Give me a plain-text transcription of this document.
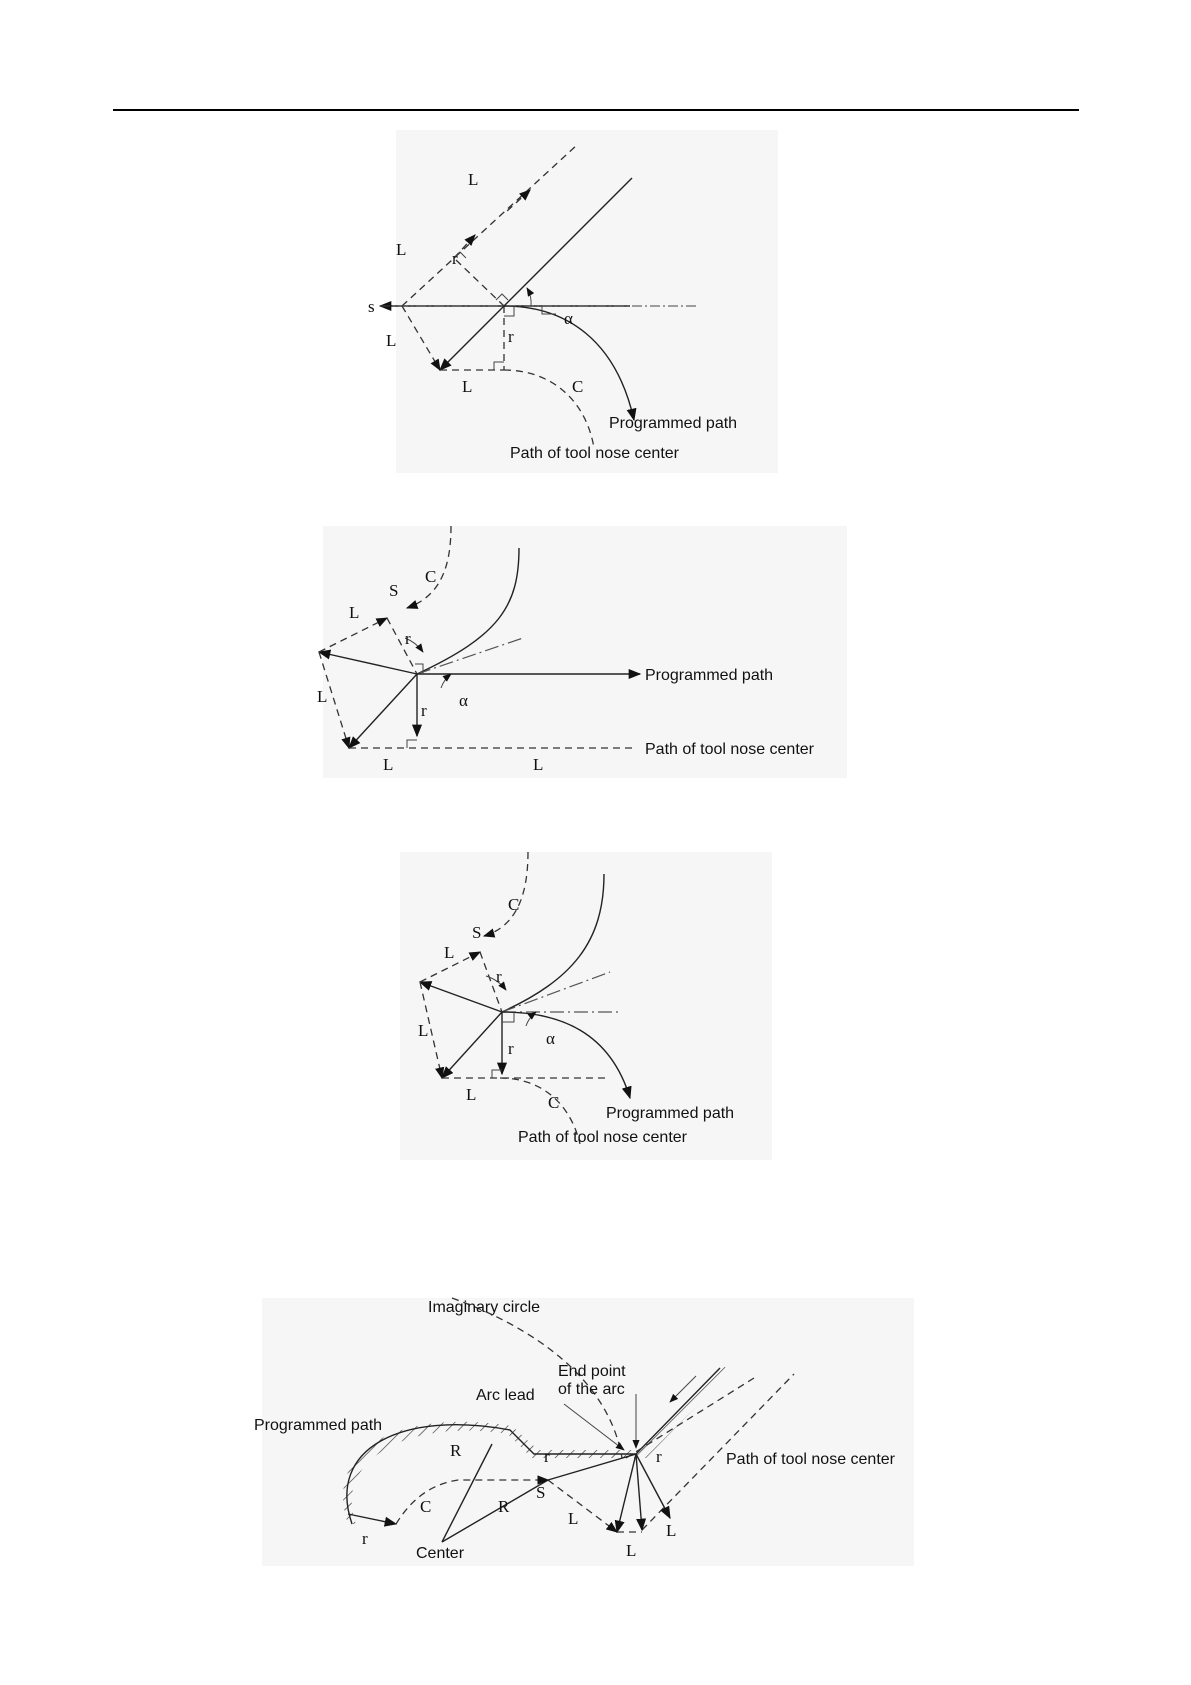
L
L	r
s
L	r
L	C
α
Programmed path
Path of tool nose center
C
L
S
r
L	α
r
L	L
Programmed path
Path of tool nose center
C
L
S
r
L
r
α
L	C
Programmed path
Path of tool nose center
Imaginary circle
End point
of the arc
Arc lead
Programmed path
Path of tool nose center
Center
R
R
r
S
C
L
L
L
r
r
